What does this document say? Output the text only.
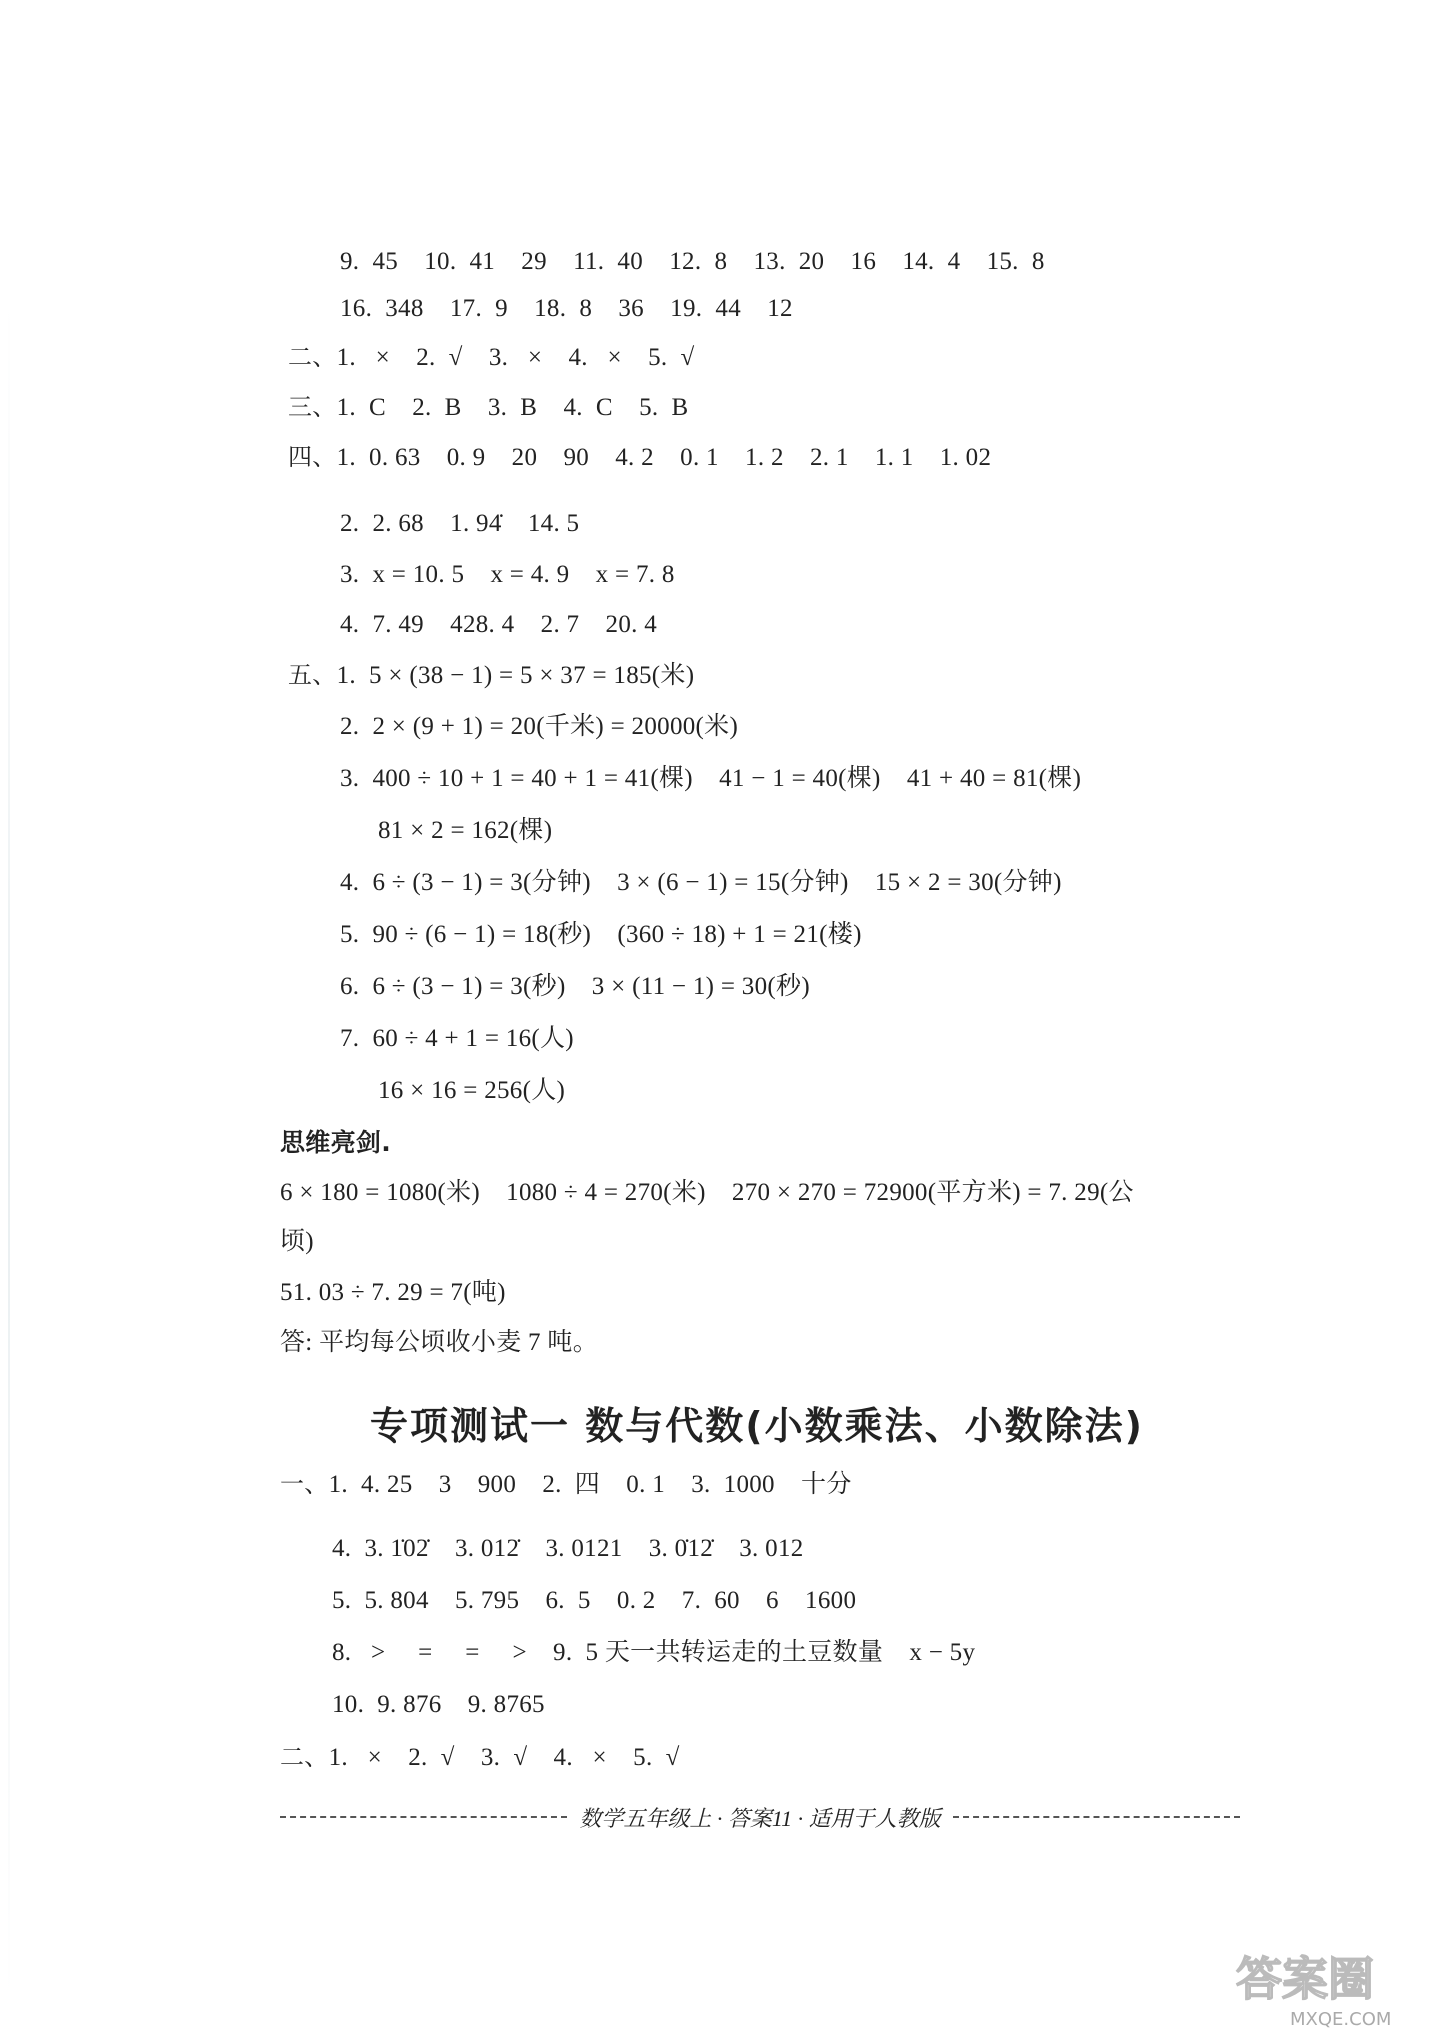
9.  45    10.  41    29    11.  40    12.  8    13.  20    16    14.  4    15.  8
16.  348    17.  9    18.  8    36    19.  44    12
二、1.   ×    2.  √    3.   ×    4.   ×    5.  √
三、1.  C    2.  B    3.  B    4.  C    5.  B
四、1.  0. 63    0. 9    20    90    4. 2    0. 1    1. 2    2. 1    1. 1    1. 02
2.  2. 68    1. 94̇    14. 5
3.  x = 10. 5    x = 4. 9    x = 7. 8
4.  7. 49    428. 4    2. 7    20. 4
五、1.  5 × (38 − 1) = 5 × 37 = 185(米)
2.  2 × (9 + 1) = 20(千米) = 20000(米)
3.  400 ÷ 10 + 1 = 40 + 1 = 41(棵)    41 − 1 = 40(棵)    41 + 40 = 81(棵)
81 × 2 = 162(棵)
4.  6 ÷ (3 − 1) = 3(分钟)    3 × (6 − 1) = 15(分钟)    15 × 2 = 30(分钟)
5.  90 ÷ (6 − 1) = 18(秒)    (360 ÷ 18) + 1 = 21(楼)
6.  6 ÷ (3 − 1) = 3(秒)    3 × (11 − 1) = 30(秒)
7.  60 ÷ 4 + 1 = 16(人)
16 × 16 = 256(人)
6 × 180 = 1080(米)    1080 ÷ 4 = 270(米)    270 × 270 = 72900(平方米) = 7. 29(公
顷)
51. 03 ÷ 7. 29 = 7(吨)
答: 平均每公顷收小麦 7 吨。
一、1.  4. 25    3    900    2.  四    0. 1    3.  1000    十分
4.  3. 1̇02̇    3. 012̇    3. 0121    3. 0̇12̇    3. 012
5.  5. 804    5. 795    6.  5    0. 2    7.  60    6    1600
8.   >     =     =     >    9.  5 天一共转运走的土豆数量    x − 5y
10.  9. 876    9. 8765
二、1.   ×    2.  √    3.  √    4.   ×    5.  √
思维亮剑.
专项测试一 数与代数(小数乘法、小数除法)
数学五年级上 · 答案11 · 适用于人教版
答案圈
MXQE.COM
